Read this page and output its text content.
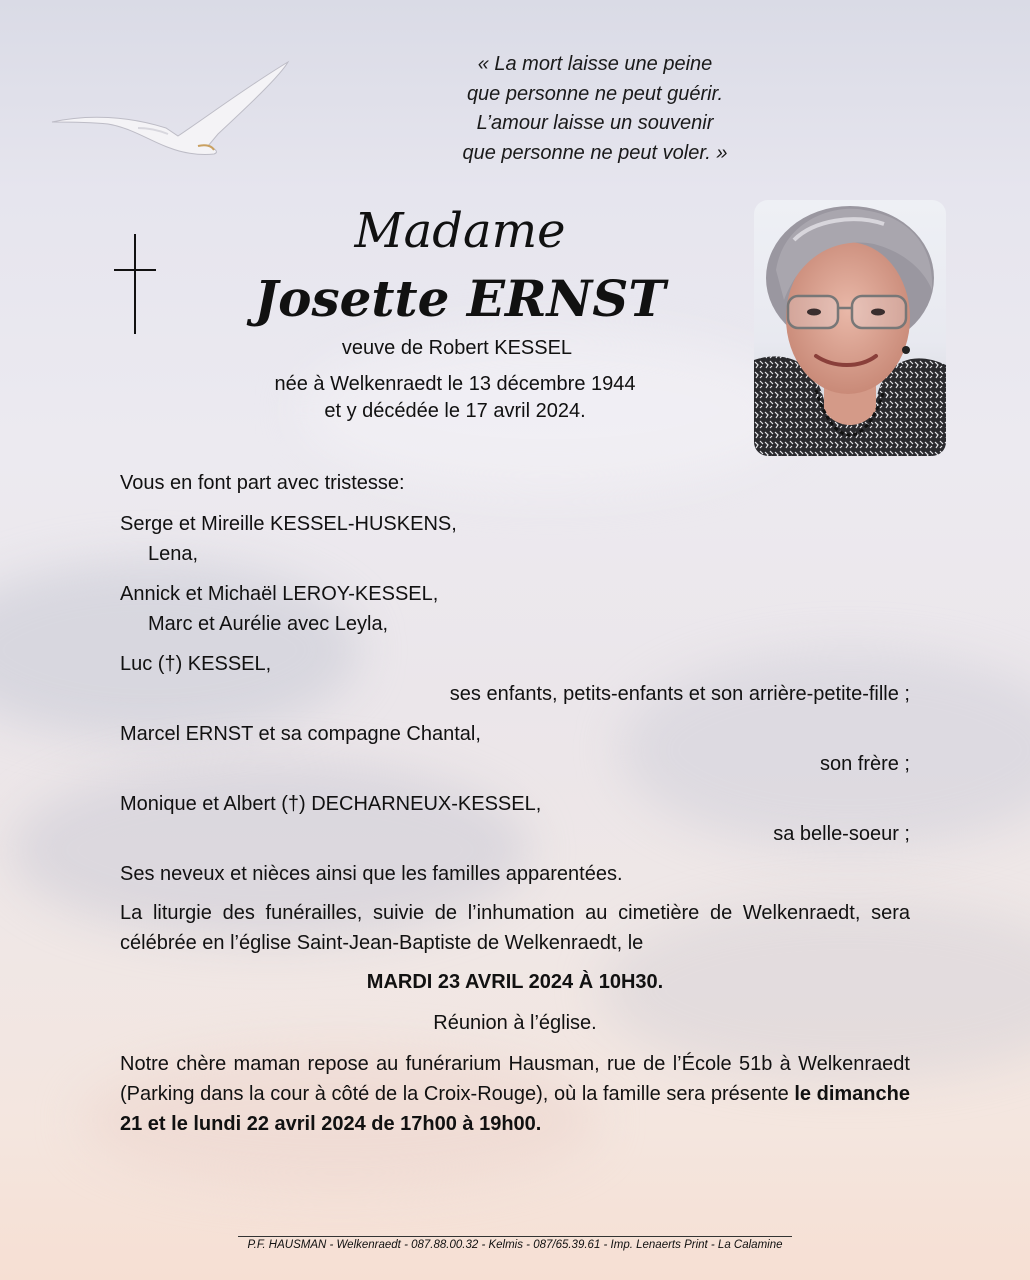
« La mort laisse une peine
que personne ne peut guérir.
L’amour laisse un souvenir
que personne ne peut voler. »
Madame
Josette ERNST
veuve de Robert KESSEL
née à Welkenraedt le 13 décembre 1944
et y décédée le 17 avril 2024.
Vous en font part avec tristesse:
Serge et Mireille KESSEL-HUSKENS,
Lena,
Annick et Michaël LEROY-KESSEL,
Marc et Aurélie avec Leyla,
Luc (†) KESSEL,
ses enfants, petits-enfants et son arrière-petite-fille ;
Marcel ERNST et sa compagne Chantal,
son frère ;
Monique et Albert (†) DECHARNEUX-KESSEL,
sa belle-soeur ;
Ses neveux et nièces ainsi que les familles apparentées.
La liturgie des funérailles, suivie de l’inhumation au cimetière de Welkenraedt, sera célébrée en l’église Saint-Jean-Baptiste de Welkenraedt, le
MARDI 23 AVRIL 2024 À 10H30.
Réunion à l’église.
Notre chère maman repose au funérarium Hausman, rue de l’École 51b à Welkenraedt (Parking dans la cour à côté de la Croix-Rouge), où la famille sera présente le dimanche 21 et le lundi 22 avril 2024 de 17h00 à 19h00.
P.F. HAUSMAN - Welkenraedt - 087.88.00.32 - Kelmis - 087/65.39.61 - Imp. Lenaerts Print - La Calamine
